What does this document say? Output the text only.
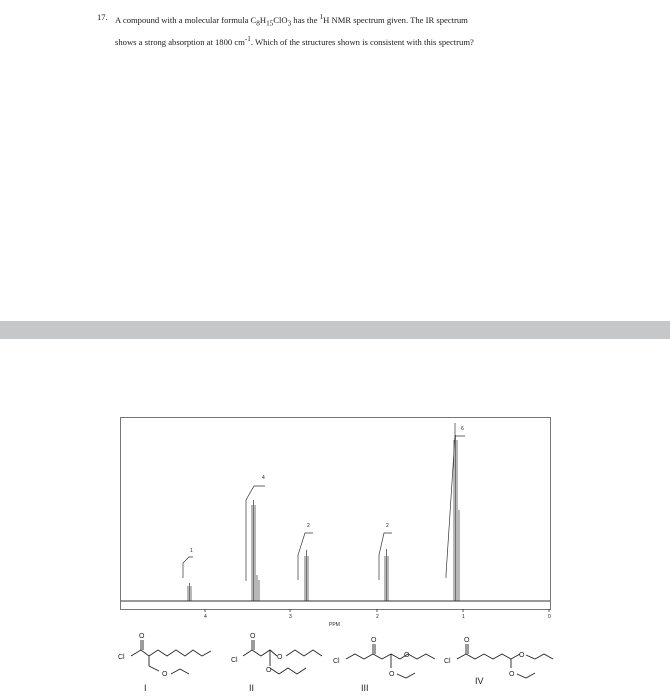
17. A compound with a molecular formula $C_8H_{15}ClO_3$ has the $^1$H NMR spectrum given. The IR spectrum
shows a strong absorption at 1800 $cm^{-1}$. Which of the structures shown is consistent with this spectrum?
4	3	2	1	0
PPM
1
4
2	2
6
Cl
O
O
I
Cl
O
O
O
II
Cl
O
O
O
III
Cl
O
O
O
IV
